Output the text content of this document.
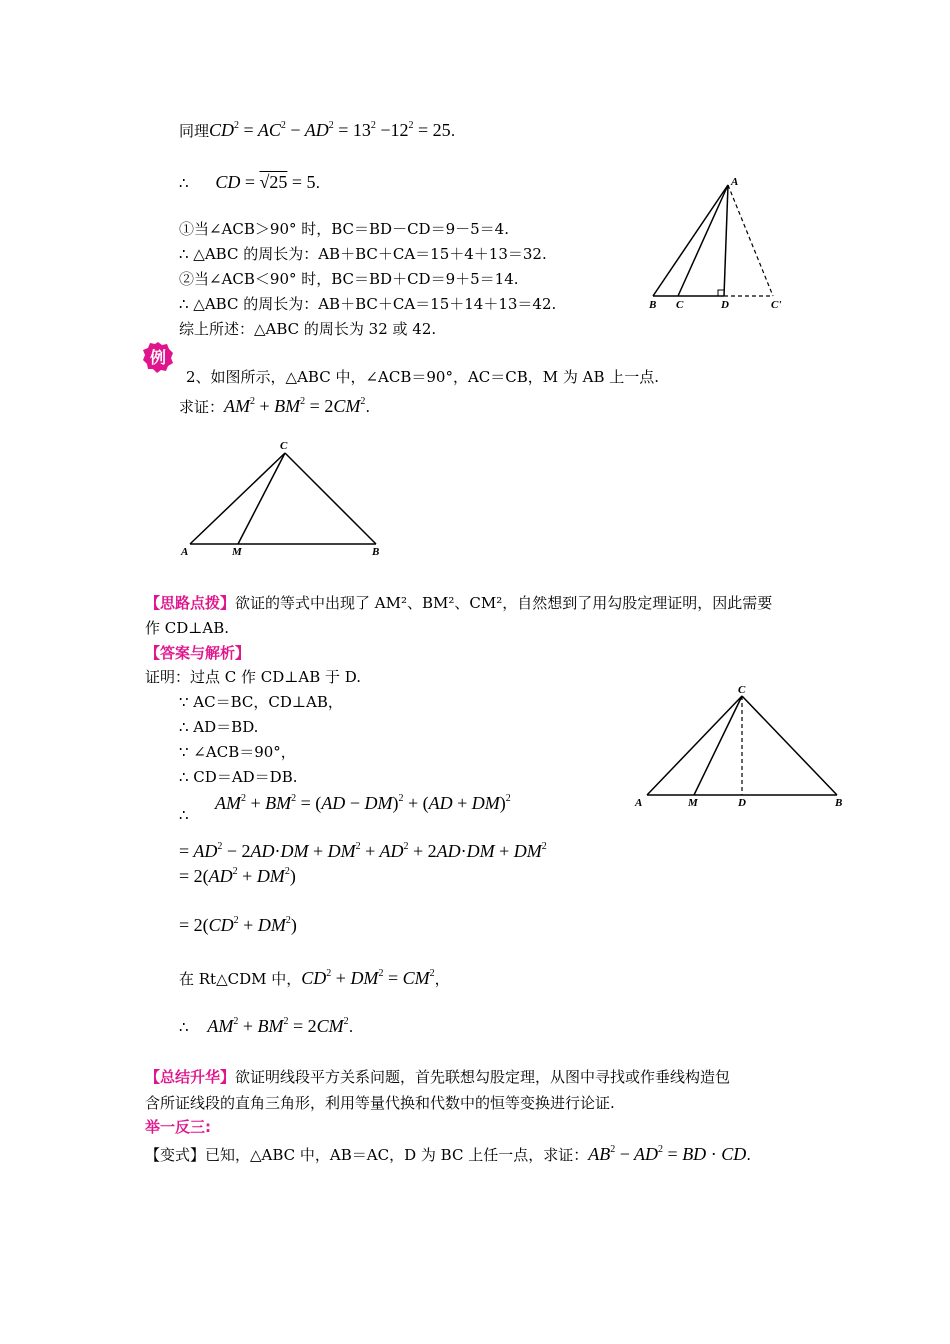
同理$CD^2 = AC^2 - AD^2 = 13^2 -12^2 = 25$.
∴ CD = √25 = 5.
①当∠ACB＞90° 时，BC＝BD－CD＝9－5＝4.
∴ △ABC 的周长为：AB＋BC＋CA＝15＋4＋13＝32.
②当∠ACB＜90° 时，BC＝BD＋CD＝9＋5＝14.
∴ △ABC 的周长为：AB＋BC＋CA＝15＋14＋13＝42.
综上所述：△ABC 的周长为 32 或 42.
A
B C	D	C'
例
2、如图所示，△ABC 中，∠ACB＝90°，AC＝CB，M 为 AB 上一点.
求证：$AM^2 + BM^2 = 2CM^2$.
C
A	M	B
【思路点拨】欲证的等式中出现了 AM²、BM²、CM²，自然想到了用勾股定理证明，因此需要
作 CD⊥AB.
【答案与解析】
证明：过点 C 作 CD⊥AB 于 D.
∵ AC＝BC，CD⊥AB，
∴ AD＝BD.
∵ ∠ACB＝90°，
∴ CD＝AD＝DB.
∴
$AM^2 + BM^2 = (AD - DM)^2 + (AD + DM)^2$
= $AD^2 - 2AD\cdot DM + DM^2 + AD^2 + 2AD\cdot DM + DM^2$
= $2(AD^2 + DM^2)$
= $2(CD^2 + DM^2)$
在 Rt△CDM 中，$CD^2 + DM^2 = CM^2$，
∴ $AM^2 + BM^2 = 2CM^2$.
C
A	M	D	B
【总结升华】欲证明线段平方关系问题，首先联想勾股定理，从图中寻找或作垂线构造包
含所证线段的直角三角形，利用等量代换和代数中的恒等变换进行论证.
举一反三:
【变式】已知，△ABC 中，AB＝AC，D 为 BC 上任一点，求证：$AB^2 - AD^2$ = BD · CD.
